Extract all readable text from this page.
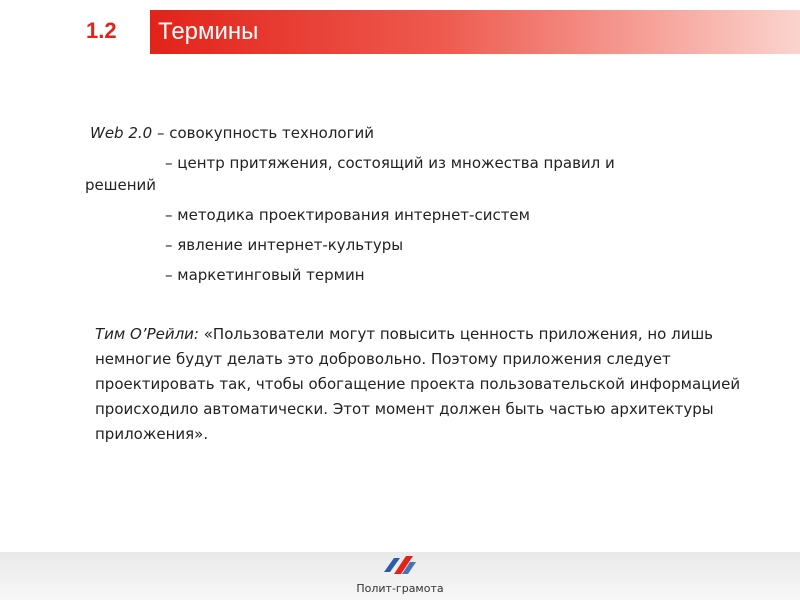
1.2 Термины
Web 2.0 – совокупность технологий
– центр притяжения, состоящий из множества правил и
решений
– методика проектирования интернет-систем
– явление интернет-культуры
– маркетинговый термин
Тим О’Рейли: «Пользователи могут повысить ценность приложения, но лишь немногие будут делать это добровольно. Поэтому приложения следует проектировать так, чтобы обогащение проекта пользовательской информацией происходило автоматически. Этот момент должен быть частью архитектуры приложения».
Полит-грамота
